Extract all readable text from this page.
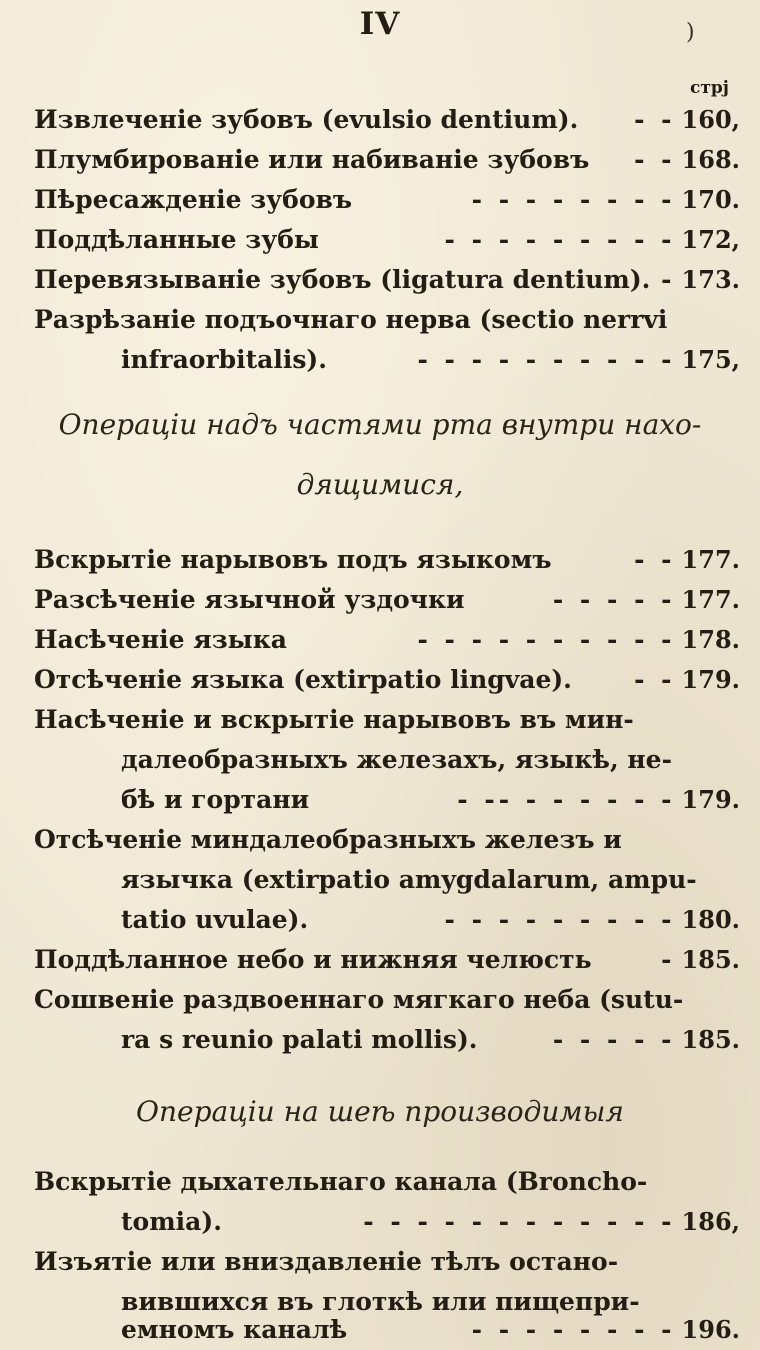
IV	)
стрј
Извлеченіе зубовъ (evulsio dentium).	- - 160,
Плумбированіе или набиваніе зубовъ	- - 168.
Пѣресажденіе зубовъ	- - - - - - - - 170.
Поддѣланные зубы	- - - - - - - - - 172,
Перевязываніе зубовъ (ligatura dentium). - 173.
Разрѣзаніе подъочнаго нерва (sectio nerrvi
infraorbitalis).	- - - - - - - - - - 175,
Операціи надъ частями рта внутри нахо-
дящимися,
Вскрытіе нарывовъ подъ языкомъ	- - 177.
Разсѣченіе язычной уздочки	- - - - - 177.
Насѣченіе языка	- - - - - - - - - - 178.
Отсѣченіе языка (extirpatio lingvae).	- - 179.
Насѣченіе и вскрытіе нарывовъ въ мин-
далеобразныхъ железахъ, языкѣ, не-
бѣ и гортани	- -- - - - - - - 179.
Отсѣченіе миндалеобразныхъ железъ и
язычка (extirpatio amygdalarum, ampu-
tatio uvulae).	- - - - - - - - - 180.
Поддѣланное небо и нижняя челюсть	- 185.
Сошвеніе раздвоеннаго мягкаго неба (sutu-
ra s reunio palati mollis).	- - - - - 185.
Операціи на шеѣ производимыя
Вскрытіе дыхательнаго канала (Broncho-
tomia).	- - - - - - - - - - - - 186,
Изъятіе или вниздавленіе тѣлъ остано-
вившихся въ глоткѣ или пищепри-
емномъ каналѣ	- - - - - - - - 196.
